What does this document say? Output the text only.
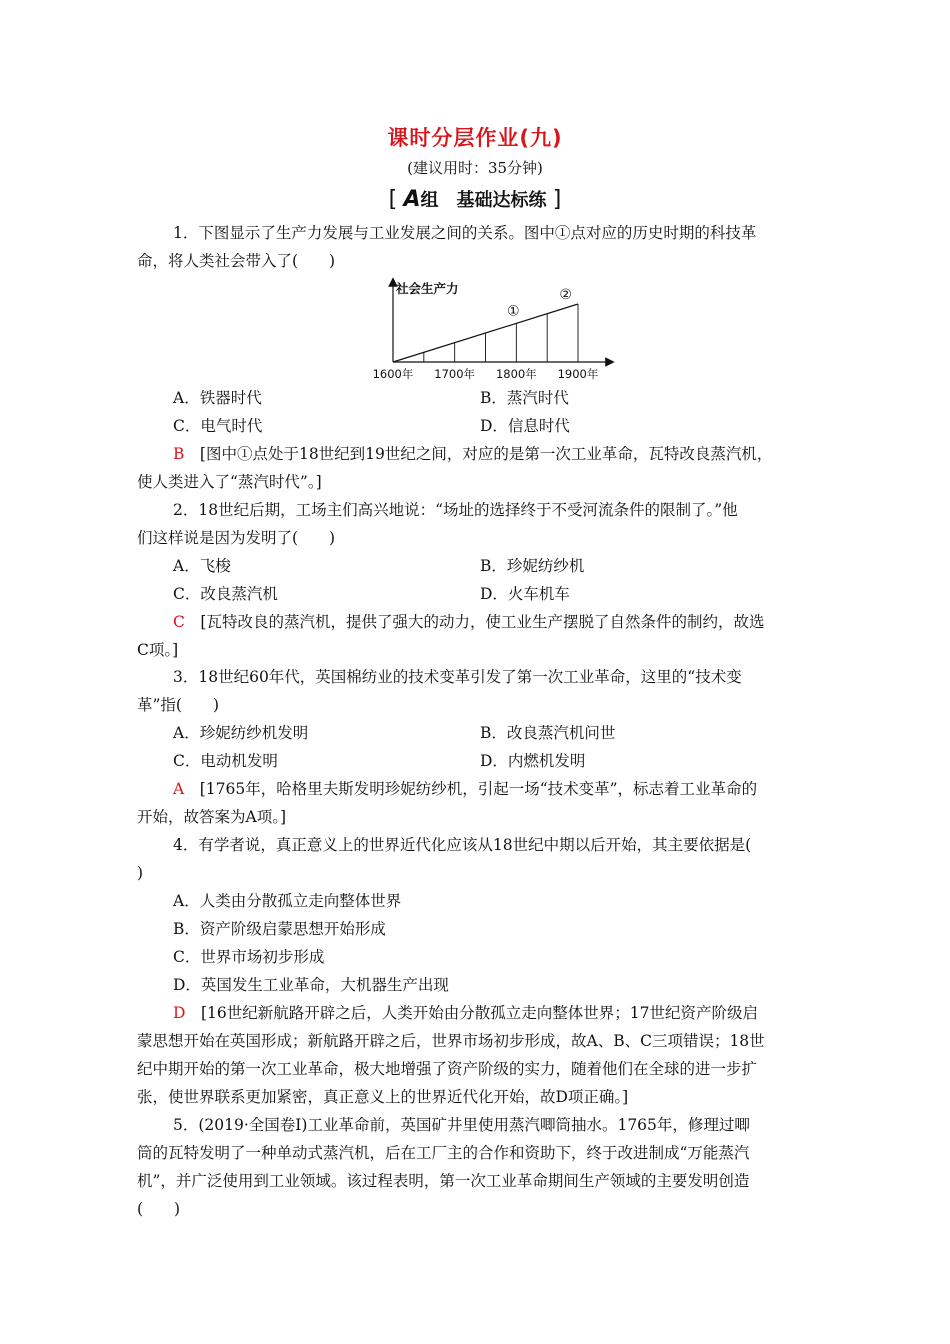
课时分层作业(九)
(建议用时：35分钟)
[ A组　基础达标练 ]
1．下图显示了生产力发展与工业发展之间的关系。图中①点对应的历史时期的科技革
命，将人类社会带入了(　　)
社会生产力
1600年 1700年 1800年 1900年
①
②
A．铁器时代	B．蒸汽时代
C．电气时代	D．信息时代
B　 [图中①点处于18世纪到19世纪之间，对应的是第一次工业革命，瓦特改良蒸汽机，
使人类进入了“蒸汽时代”。]
2．18世纪后期，工场主们高兴地说：“场址的选择终于不受河流条件的限制了。”他
们这样说是因为发明了(　　)
A．飞梭	B．珍妮纺纱机
C．改良蒸汽机	D．火车机车
C　 [瓦特改良的蒸汽机，提供了强大的动力，使工业生产摆脱了自然条件的制约，故选
C项。]
3．18世纪60年代，英国棉纺业的技术变革引发了第一次工业革命，这里的“技术变
革”指(　　)
A．珍妮纺纱机发明	B．改良蒸汽机问世
C．电动机发明	D．内燃机发明
A　 [1765年，哈格里夫斯发明珍妮纺纱机，引起一场“技术变革”，标志着工业革命的
开始，故答案为A项。]
4．有学者说，真正意义上的世界近代化应该从18世纪中期以后开始，其主要依据是(
)
A．人类由分散孤立走向整体世界
B．资产阶级启蒙思想开始形成
C．世界市场初步形成
D．英国发生工业革命，大机器生产出现
D　 [16世纪新航路开辟之后，人类开始由分散孤立走向整体世界；17世纪资产阶级启
蒙思想开始在英国形成；新航路开辟之后，世界市场初步形成，故A、B、C三项错误；18世
纪中期开始的第一次工业革命，极大地增强了资产阶级的实力，随着他们在全球的进一步扩
张，使世界联系更加紧密，真正意义上的世界近代化开始，故D项正确。]
5．(2019·全国卷Ⅰ)工业革命前，英国矿井里使用蒸汽唧筒抽水。1765年，修理过唧
筒的瓦特发明了一种单动式蒸汽机，后在工厂主的合作和资助下，终于改进制成“万能蒸汽
机”，并广泛使用到工业领域。该过程表明，第一次工业革命期间生产领域的主要发明创造
(　　)
